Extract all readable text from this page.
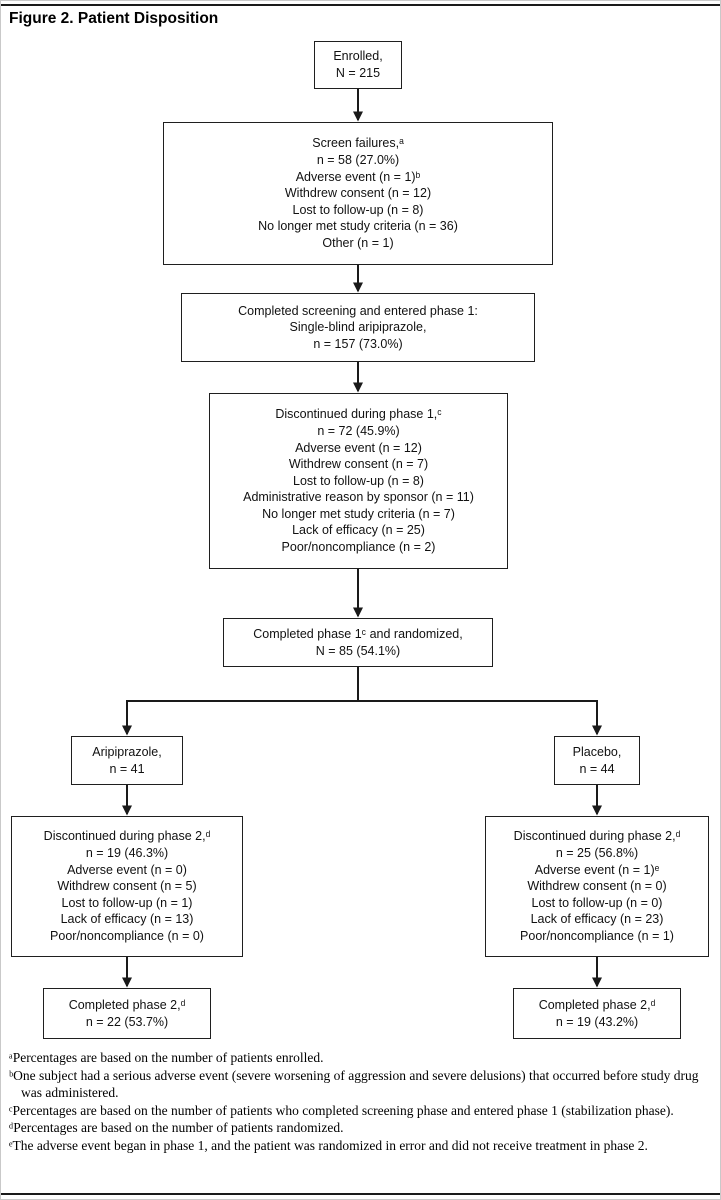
Figure 2. Patient Disposition
Enrolled,
N = 215
Screen failures,ᵃ
n = 58 (27.0%)
Adverse event (n = 1)ᵇ
Withdrew consent (n = 12)
Lost to follow-up (n = 8)
No longer met study criteria (n = 36)
Other (n = 1)
Completed screening and entered phase 1:
Single-blind aripiprazole,
n = 157 (73.0%)
Discontinued during phase 1,ᶜ
n = 72 (45.9%)
Adverse event (n = 12)
Withdrew consent (n = 7)
Lost to follow-up (n = 8)
Administrative reason by sponsor (n = 11)
No longer met study criteria (n = 7)
Lack of efficacy (n = 25)
Poor/noncompliance (n = 2)
Completed phase 1ᶜ and randomized,
N = 85 (54.1%)
Aripiprazole,
n = 41
Placebo,
n = 44
Discontinued during phase 2,ᵈ
n = 19 (46.3%)
Adverse event (n = 0)
Withdrew consent (n = 5)
Lost to follow-up (n = 1)
Lack of efficacy (n = 13)
Poor/noncompliance (n = 0)
Discontinued during phase 2,ᵈ
n = 25 (56.8%)
Adverse event (n = 1)ᵉ
Withdrew consent (n = 0)
Lost to follow-up (n = 0)
Lack of efficacy (n = 23)
Poor/noncompliance (n = 1)
Completed phase 2,ᵈ
n = 22 (53.7%)
Completed phase 2,ᵈ
n = 19 (43.2%)
ᵃPercentages are based on the number of patients enrolled.
ᵇOne subject had a serious adverse event (severe worsening of aggression and severe delusions) that occurred before study drug was administered.
ᶜPercentages are based on the number of patients who completed screening phase and entered phase 1 (stabilization phase).
ᵈPercentages are based on the number of patients randomized.
ᵉThe adverse event began in phase 1, and the patient was randomized in error and did not receive treatment in phase 2.
